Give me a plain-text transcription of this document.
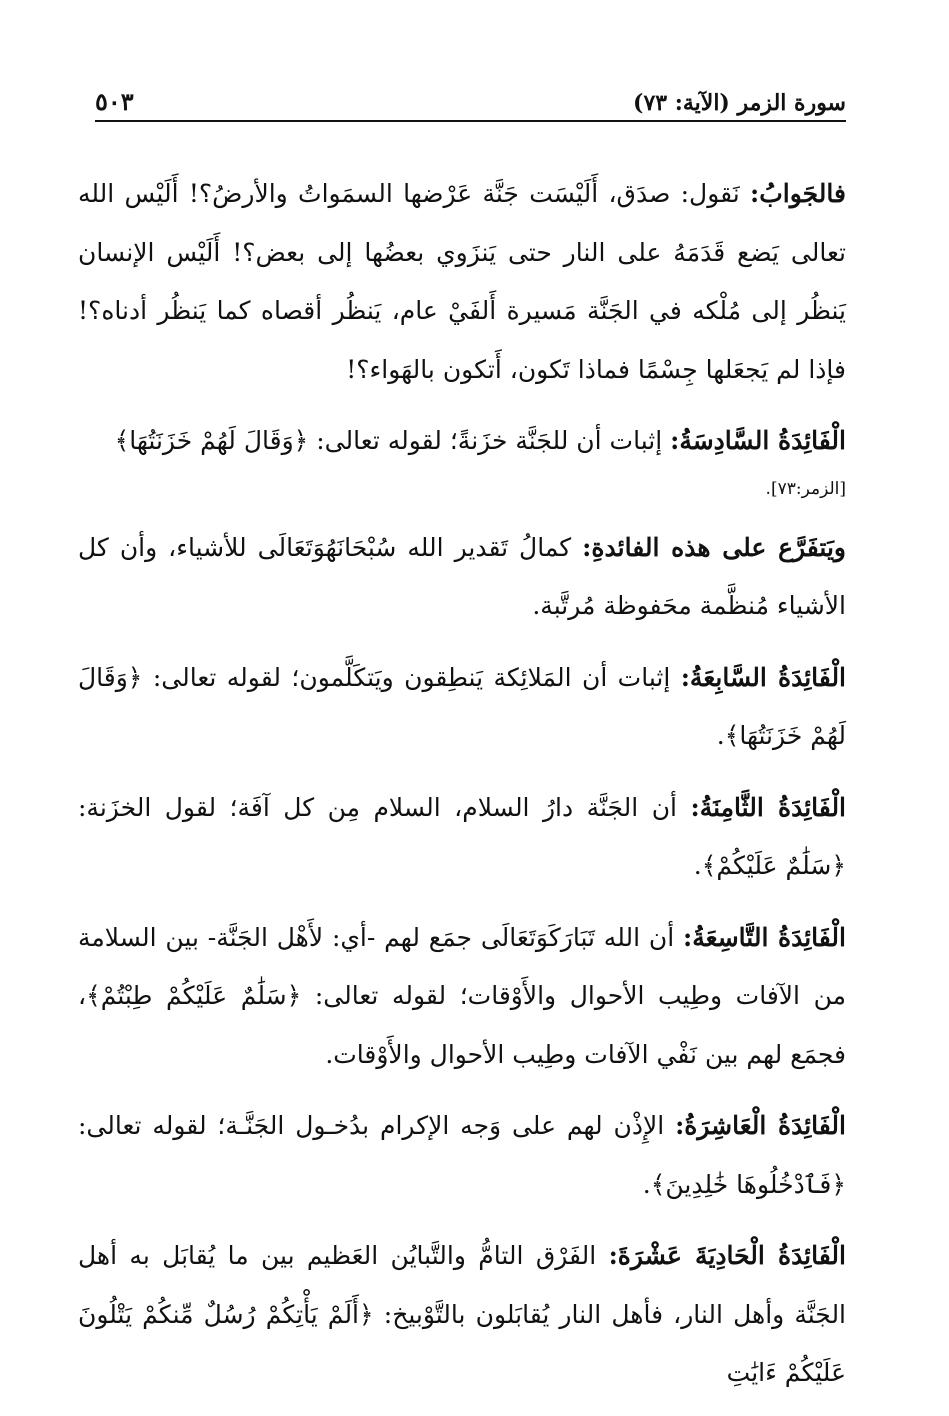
سورة الزمر (الآية: ٧٣)
٥٠٣

فالجَوابُ: نَقول: صدَق، أَلَيْسَت جَنَّة عَرْضها السمَواتُ والأرضُ؟! أَلَيْس الله تعالى يَضع قَدَمَهُ على النار حتى يَنزَوي بعضُها إلى بعض؟! أَلَيْس الإنسان يَنظُر إلى مُلْكه في الجَنَّة مَسيرة أَلفَيْ عام، يَنظُر أقصاه كما يَنظُر أدناه؟! فإذا لم يَجعَلها جِسْمًا فماذا تَكون، أَتكون بالهَواء؟!

الْفَائِدَةُ السَّادِسَةُ: إثبات أن للجَنَّة خزَنةً؛ لقوله تعالى: ﴿وَقَالَ لَهُمْ خَزَنَتُهَا﴾
[الزمر:٧٣].

ويَتفَرَّع على هذه الفائدةِ: كمالُ تَقدير الله سُبْحَانَهُوَتَعَالَى للأشياء، وأن كل الأشياء مُنظَّمة محَفوظة مُرتَّبة.

الْفَائِدَةُ السَّابِعَةُ: إثبات أن المَلائِكة يَنطِقون ويَتكَلَّمون؛ لقوله تعالى: ﴿وَقَالَ لَهُمْ خَزَنَتُهَا﴾.

الْفَائِدَةُ الثَّامِنَةُ: أن الجَنَّة دارُ السلام، السلام مِن كل آفَة؛ لقول الخزَنة: ﴿سَلَٰمٌ عَلَيْكُمْ﴾.

الْفَائِدَةُ التَّاسِعَةُ: أن الله تَبَارَكَوَتَعَالَى جمَع لهم -أي: لأَهْل الجَنَّة- بين السلامة من الآفات وطِيب الأحوال والأَوْقات؛ لقوله تعالى: ﴿سَلَٰمٌ عَلَيْكُمْ طِبْتُمْ﴾، فجمَع لهم بين نَفْي الآفات وطِيب الأحوال والأَوْقات.

الْفَائِدَةُ الْعَاشِرَةُ: الإِذْن لهم على وَجه الإكرام بدُخـول الجَنَّـة؛ لقوله تعالى: ﴿فَٱدْخُلُوهَا خَٰلِدِينَ﴾.

الْفَائِدَةُ الْحَادِيَةَ عَشْرَةَ: الفَرْق التامُّ والتَّبايُن العَظيم بين ما يُقابَل به أهل الجَنَّة وأهل النار، فأهل النار يُقابَلون بالتَّوْبيخ: ﴿أَلَمْ يَأْتِكُمْ رُسُلٌ مِّنكُمْ يَتْلُونَ عَلَيْكُمْ ءَايَٰتِ
